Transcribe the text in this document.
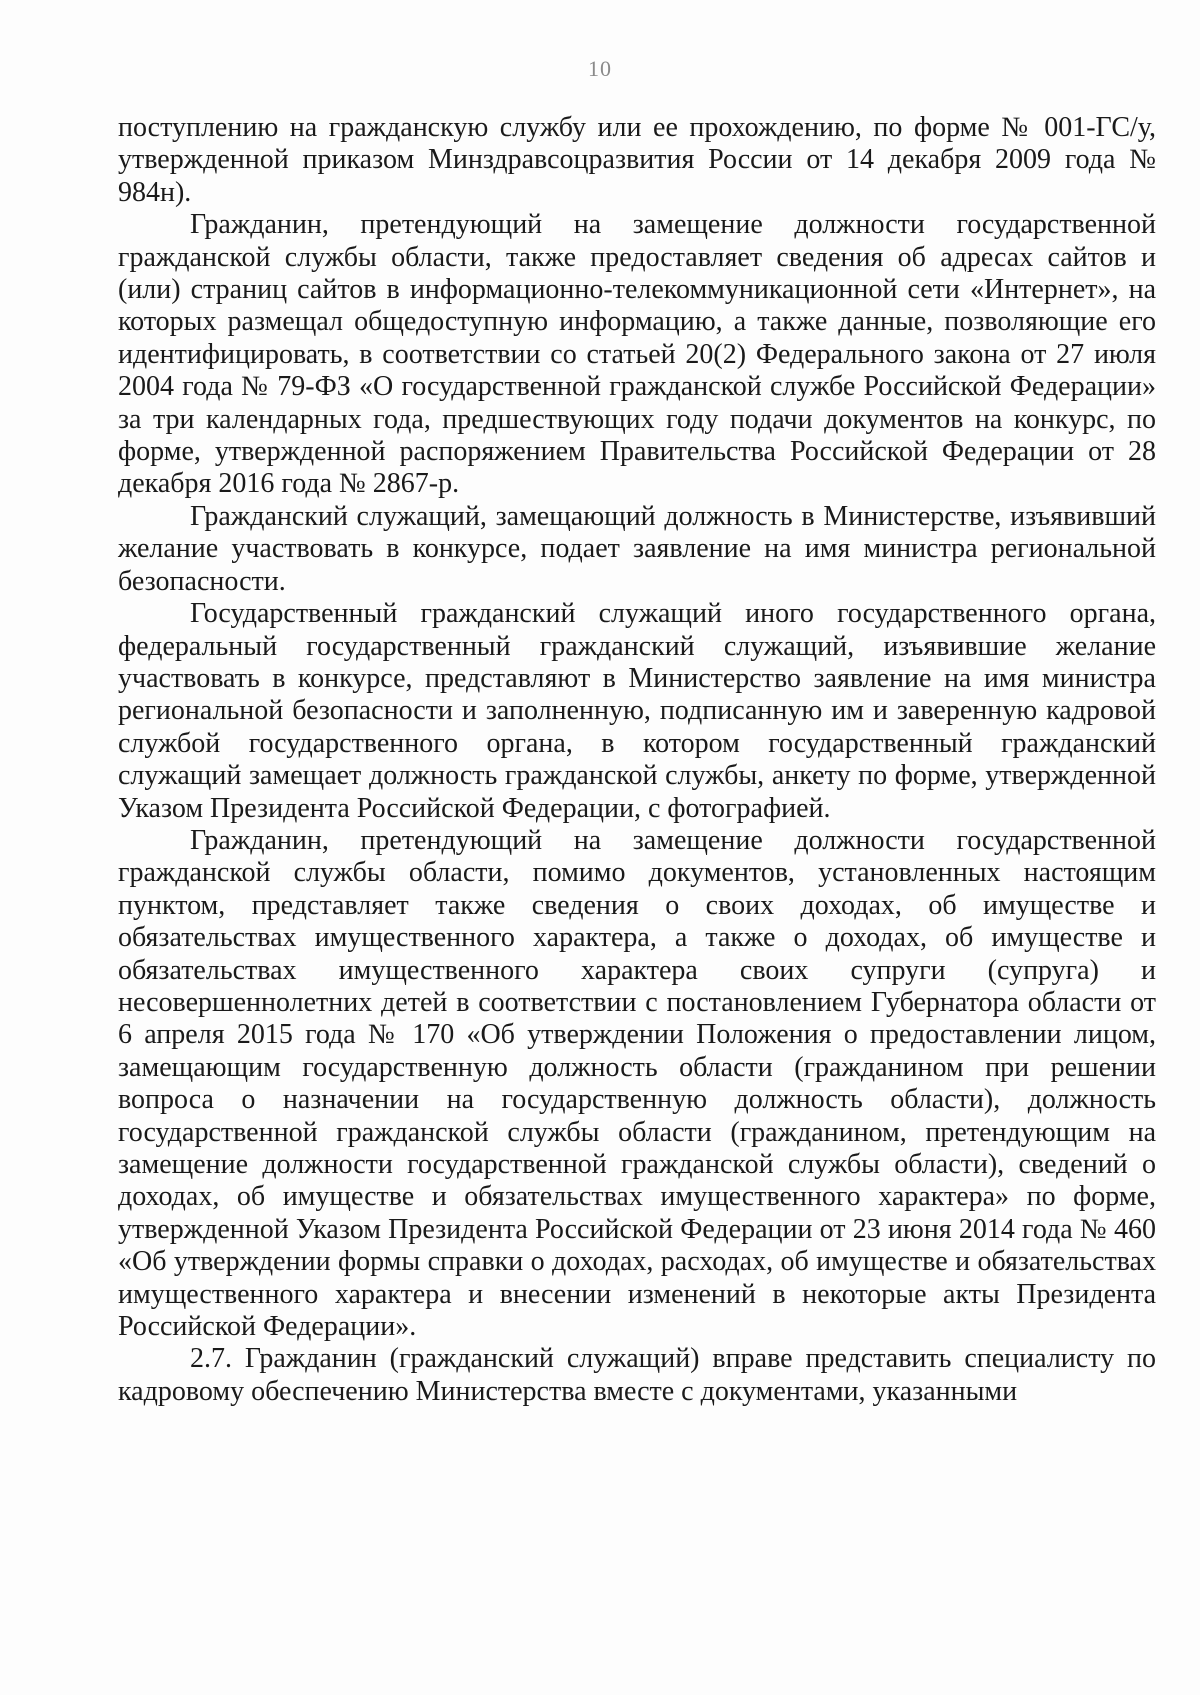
10

поступлению на гражданскую службу или ее прохождению, по форме № 001-ГС/у, утвержденной приказом Минздравсоцразвития России от 14 декабря 2009 года № 984н).

Гражданин, претендующий на замещение должности государственной гражданской службы области, также предоставляет сведения об адресах сайтов и (или) страниц сайтов в информационно-телекоммуникационной сети «Интернет», на которых размещал общедоступную информацию, а также данные, позволяющие его идентифицировать, в соответствии со статьей 20(2) Федерального закона от 27 июля 2004 года № 79-ФЗ «О государственной гражданской службе Российской Федерации» за три календарных года, предшествующих году подачи документов на конкурс, по форме, утвержденной распоряжением Правительства Российской Федерации от 28 декабря 2016 года № 2867-р.

Гражданский служащий, замещающий должность в Министерстве, изъявивший желание участвовать в конкурсе, подает заявление на имя министра региональной безопасности.

Государственный гражданский служащий иного государственного органа, федеральный государственный гражданский служащий, изъявившие желание участвовать в конкурсе, представляют в Министерство заявление на имя министра региональной безопасности и заполненную, подписанную им и заверенную кадровой службой государственного органа, в котором государственный гражданский служащий замещает должность гражданской службы, анкету по форме, утвержденной Указом Президента Российской Федерации, с фотографией.

Гражданин, претендующий на замещение должности государственной гражданской службы области, помимо документов, установленных настоящим пунктом, представляет также сведения о своих доходах, об имуществе и обязательствах имущественного характера, а также о доходах, об имуществе и обязательствах имущественного характера своих супруги (супруга) и несовершеннолетних детей в соответствии с постановлением Губернатора области от 6 апреля 2015 года № 170 «Об утверждении Положения о предоставлении лицом, замещающим государственную должность области (гражданином при решении вопроса о назначении на государственную должность области), должность государственной гражданской службы области (гражданином, претендующим на замещение должности государственной гражданской службы области), сведений о доходах, об имуществе и обязательствах имущественного характера» по форме, утвержденной Указом Президента Российской Федерации от 23 июня 2014 года № 460 «Об утверждении формы справки о доходах, расходах, об имуществе и обязательствах имущественного характера и внесении изменений в некоторые акты Президента Российской Федерации».

2.7. Гражданин (гражданский служащий) вправе представить специалисту по кадровому обеспечению Министерства вместе с документами, указанными
